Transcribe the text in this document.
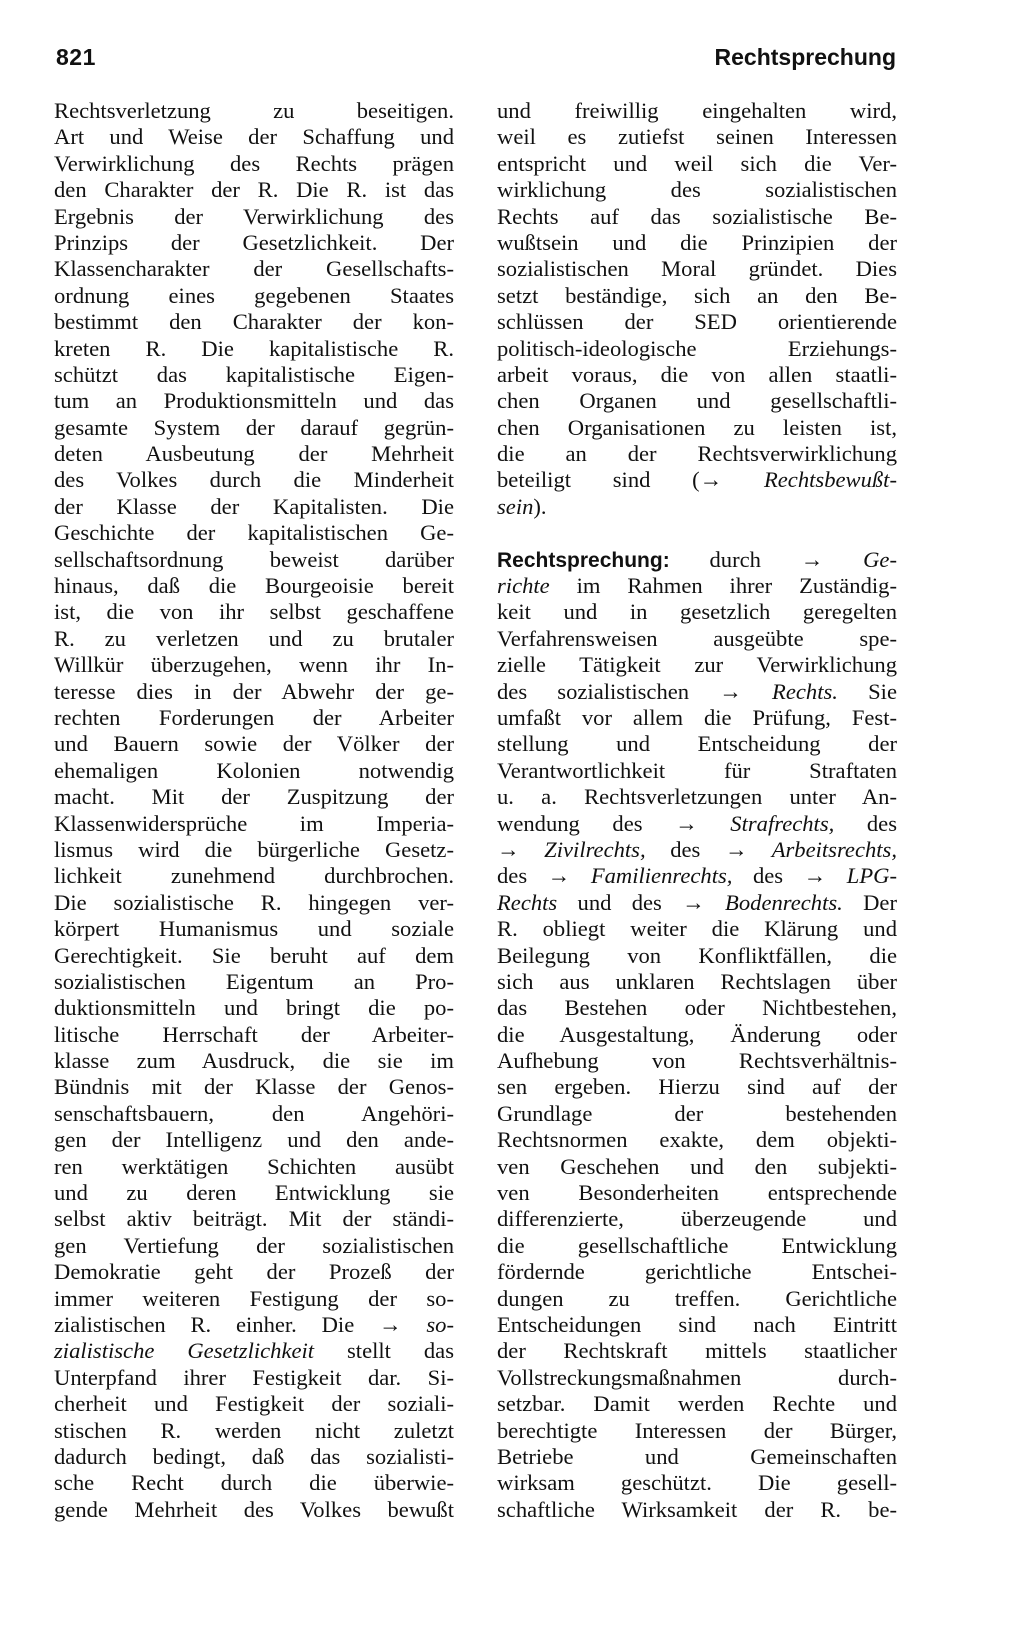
821	Rechtsprechung
Rechtsverletzung zu beseitigen.
Art und Weise der Schaffung und
Verwirklichung des Rechts prägen
den Charakter der R. Die R. ist das
Ergebnis der Verwirklichung des
Prinzips der Gesetzlichkeit. Der
Klassencharakter der Gesellschafts-
ordnung eines gegebenen Staates
bestimmt den Charakter der kon-
kreten R. Die kapitalistische R.
schützt das kapitalistische Eigen-
tum an Produktionsmitteln und das
gesamte System der darauf gegrün-
deten Ausbeutung der Mehrheit
des Volkes durch die Minderheit
der Klasse der Kapitalisten. Die
Geschichte der kapitalistischen Ge-
sellschaftsordnung beweist darüber
hinaus, daß die Bourgeoisie bereit
ist, die von ihr selbst geschaffene
R. zu verletzen und zu brutaler
Willkür überzugehen, wenn ihr In-
teresse dies in der Abwehr der ge-
rechten Forderungen der Arbeiter
und Bauern sowie der Völker der
ehemaligen Kolonien notwendig
macht. Mit der Zuspitzung der
Klassenwidersprüche im Imperia-
lismus wird die bürgerliche Gesetz-
lichkeit zunehmend durchbrochen.
Die sozialistische R. hingegen ver-
körpert Humanismus und soziale
Gerechtigkeit. Sie beruht auf dem
sozialistischen Eigentum an Pro-
duktionsmitteln und bringt die po-
litische Herrschaft der Arbeiter-
klasse zum Ausdruck, die sie im
Bündnis mit der Klasse der Genos-
senschaftsbauern, den Angehöri-
gen der Intelligenz und den ande-
ren werktätigen Schichten ausübt
und zu deren Entwicklung sie
selbst aktiv beiträgt. Mit der ständi-
gen Vertiefung der sozialistischen
Demokratie geht der Prozeß der
immer weiteren Festigung der so-
zialistischen R. einher. Die → so-
zialistische Gesetzlichkeit stellt das
Unterpfand ihrer Festigkeit dar. Si-
cherheit und Festigkeit der soziali-
stischen R. werden nicht zuletzt
dadurch bedingt, daß das sozialisti-
sche Recht durch die überwie-
gende Mehrheit des Volkes bewußt
und freiwillig eingehalten wird,
weil es zutiefst seinen Interessen
entspricht und weil sich die Ver-
wirklichung des sozialistischen
Rechts auf das sozialistische Be-
wußtsein und die Prinzipien der
sozialistischen Moral gründet. Dies
setzt beständige, sich an den Be-
schlüssen der SED orientierende
politisch-ideologische Erziehungs-
arbeit voraus, die von allen staatli-
chen Organen und gesellschaftli-
chen Organisationen zu leisten ist,
die an der Rechtsverwirklichung
beteiligt sind (→ Rechtsbewußt-
sein).
Rechtsprechung: durch → Ge-
richte im Rahmen ihrer Zuständig-
keit und in gesetzlich geregelten
Verfahrensweisen ausgeübte spe-
zielle Tätigkeit zur Verwirklichung
des sozialistischen → Rechts. Sie
umfaßt vor allem die Prüfung, Fest-
stellung und Entscheidung der
Verantwortlichkeit für Straftaten
u. a. Rechtsverletzungen unter An-
wendung des → Strafrechts, des
→ Zivilrechts, des → Arbeitsrechts,
des → Familienrechts, des → LPG-
Rechts und des → Bodenrechts. Der
R. obliegt weiter die Klärung und
Beilegung von Konfliktfällen, die
sich aus unklaren Rechtslagen über
das Bestehen oder Nichtbestehen,
die Ausgestaltung, Änderung oder
Aufhebung von Rechtsverhältnis-
sen ergeben. Hierzu sind auf der
Grundlage der bestehenden
Rechtsnormen exakte, dem objekti-
ven Geschehen und den subjekti-
ven Besonderheiten entsprechende
differenzierte, überzeugende und
die gesellschaftliche Entwicklung
fördernde gerichtliche Entschei-
dungen zu treffen. Gerichtliche
Entscheidungen sind nach Eintritt
der Rechtskraft mittels staatlicher
Vollstreckungsmaßnahmen durch-
setzbar. Damit werden Rechte und
berechtigte Interessen der Bürger,
Betriebe und Gemeinschaften
wirksam geschützt. Die gesell-
schaftliche Wirksamkeit der R. be-
